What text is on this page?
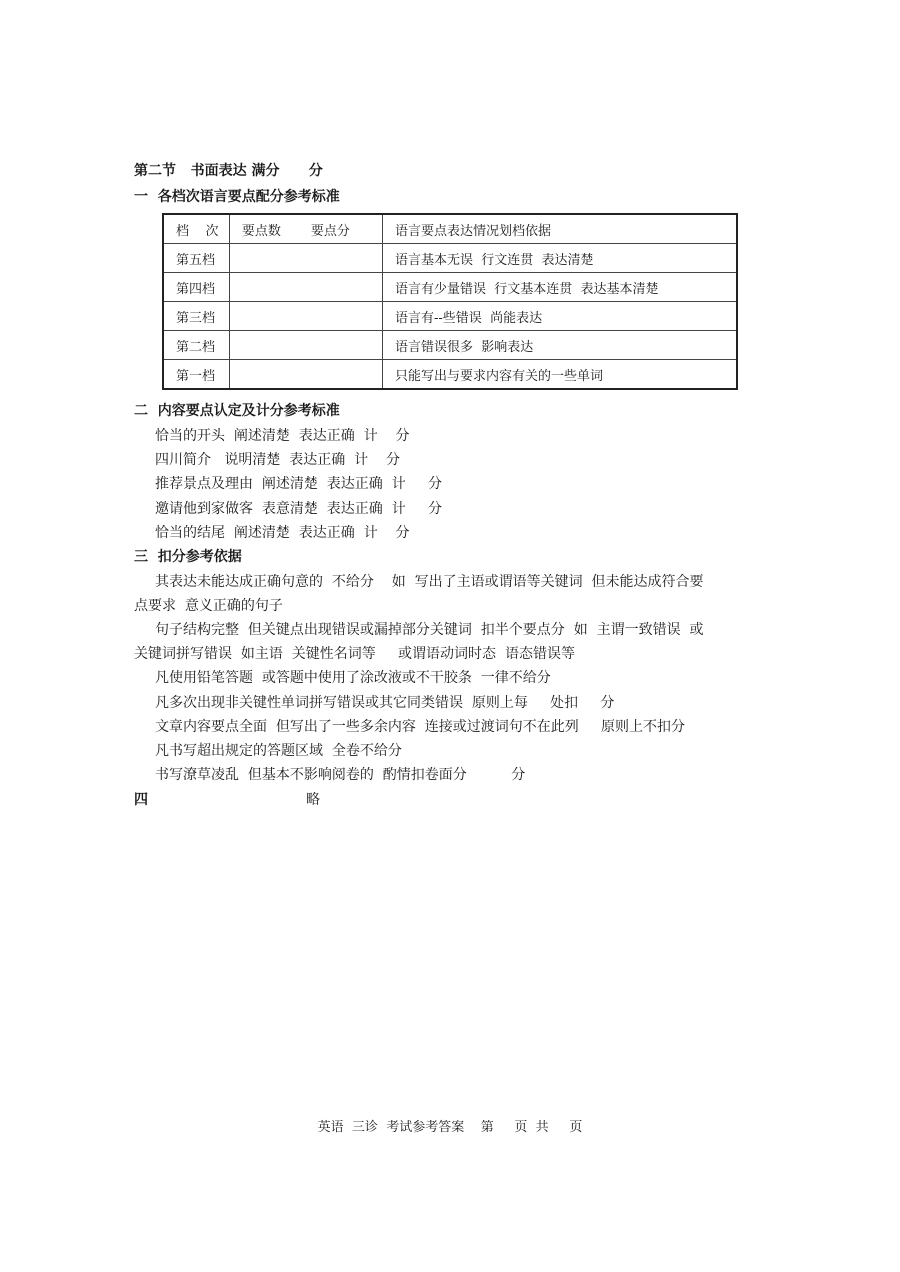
第二节   书面表达 满分      分
一  各档次语言要点配分参考标准
档    次	要点数 要点分	语言要点表达情况划档依据
第五档		语言基本无误  行文连贯  表达清楚
第四档		语言有少量错误  行文基本连贯  表达基本清楚
第三档		语言有--些错误  尚能表达
第二档		语言错误很多  影响表达
第一档		只能写出与要求内容有关的一些单词
二  内容要点认定及计分参考标准
恰当的开头  阐述清楚  表达正确  计    分
四川简介   说明清楚  表达正确  计    分
推荐景点及理由  阐述清楚  表达正确  计     分
邀请他到家做客  表意清楚  表达正确  计     分
恰当的结尾  阐述清楚  表达正确  计    分
三  扣分参考依据
其表达未能达成正确句意的  不给分    如  写出了主语或谓语等关键词  但未能达成符合要
点要求  意义正确的句子
句子结构完整  但关键点出现错误或漏掉部分关键词  扣半个要点分  如  主谓一致错误  或
关键词拼写错误  如主语  关键性名词等     或谓语动词时态  语态错误等
凡使用铅笔答题  或答题中使用了涂改液或不干胶条  一律不给分
凡多次出现非关键性单词拼写错误或其它同类错误  原则上每     处扣     分
文章内容要点全面  但写出了一些多余内容  连接或过渡词句不在此列     原则上不扣分
凡书写超出规定的答题区域  全卷不给分
书写潦草凌乱  但基本不影响阅卷的  酌情扣卷面分          分
四	略
英语  三诊  考试参考答案    第     页  共     页
